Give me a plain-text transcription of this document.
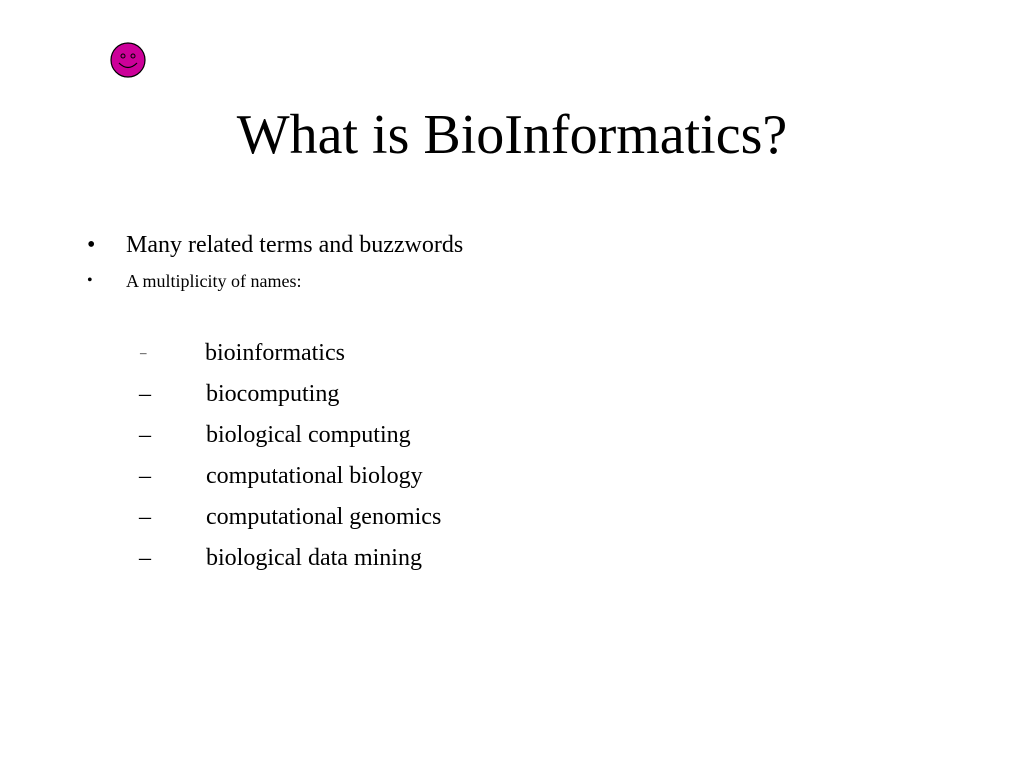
What is BioInformatics?
• Many related terms and buzzwords
• A multiplicity of names:
– bioinformatics
– biocomputing
– biological computing
– computational biology
– computational genomics
– biological data mining
